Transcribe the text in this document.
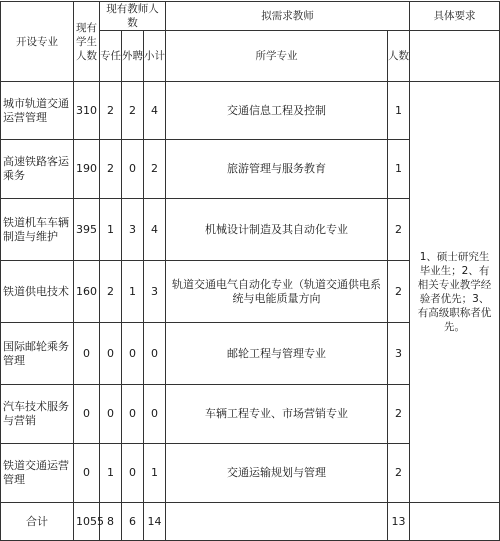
开设专业	现有学生人数	现有教师人数			拟需求教师		具体要求
		专任	外聘	小计	所学专业	人数	
城市轨道交通运营管理	310	2	2	4	交通信息工程及控制	1	1、硕士研究生毕业生；2、有相关专业教学经验者优先；3、有高级职称者优先。
高速铁路客运乘务	190	2	0	2	旅游管理与服务教育	1	
铁道机车车辆制造与维护	395	1	3	4	机械设计制造及其自动化专业	2	
铁道供电技术	160	2	1	3	轨道交通电气自动化专业（轨道交通供电系统与电能质量方向	2	
国际邮轮乘务管理	0	0	0	0	邮轮工程与管理专业	3	
汽车技术服务与营销	0	0	0	0	车辆工程专业、市场营销专业	2	
铁道交通运营管理	0	1	0	1	交通运输规划与管理	2	
合计	1055	8	6	14		13	
